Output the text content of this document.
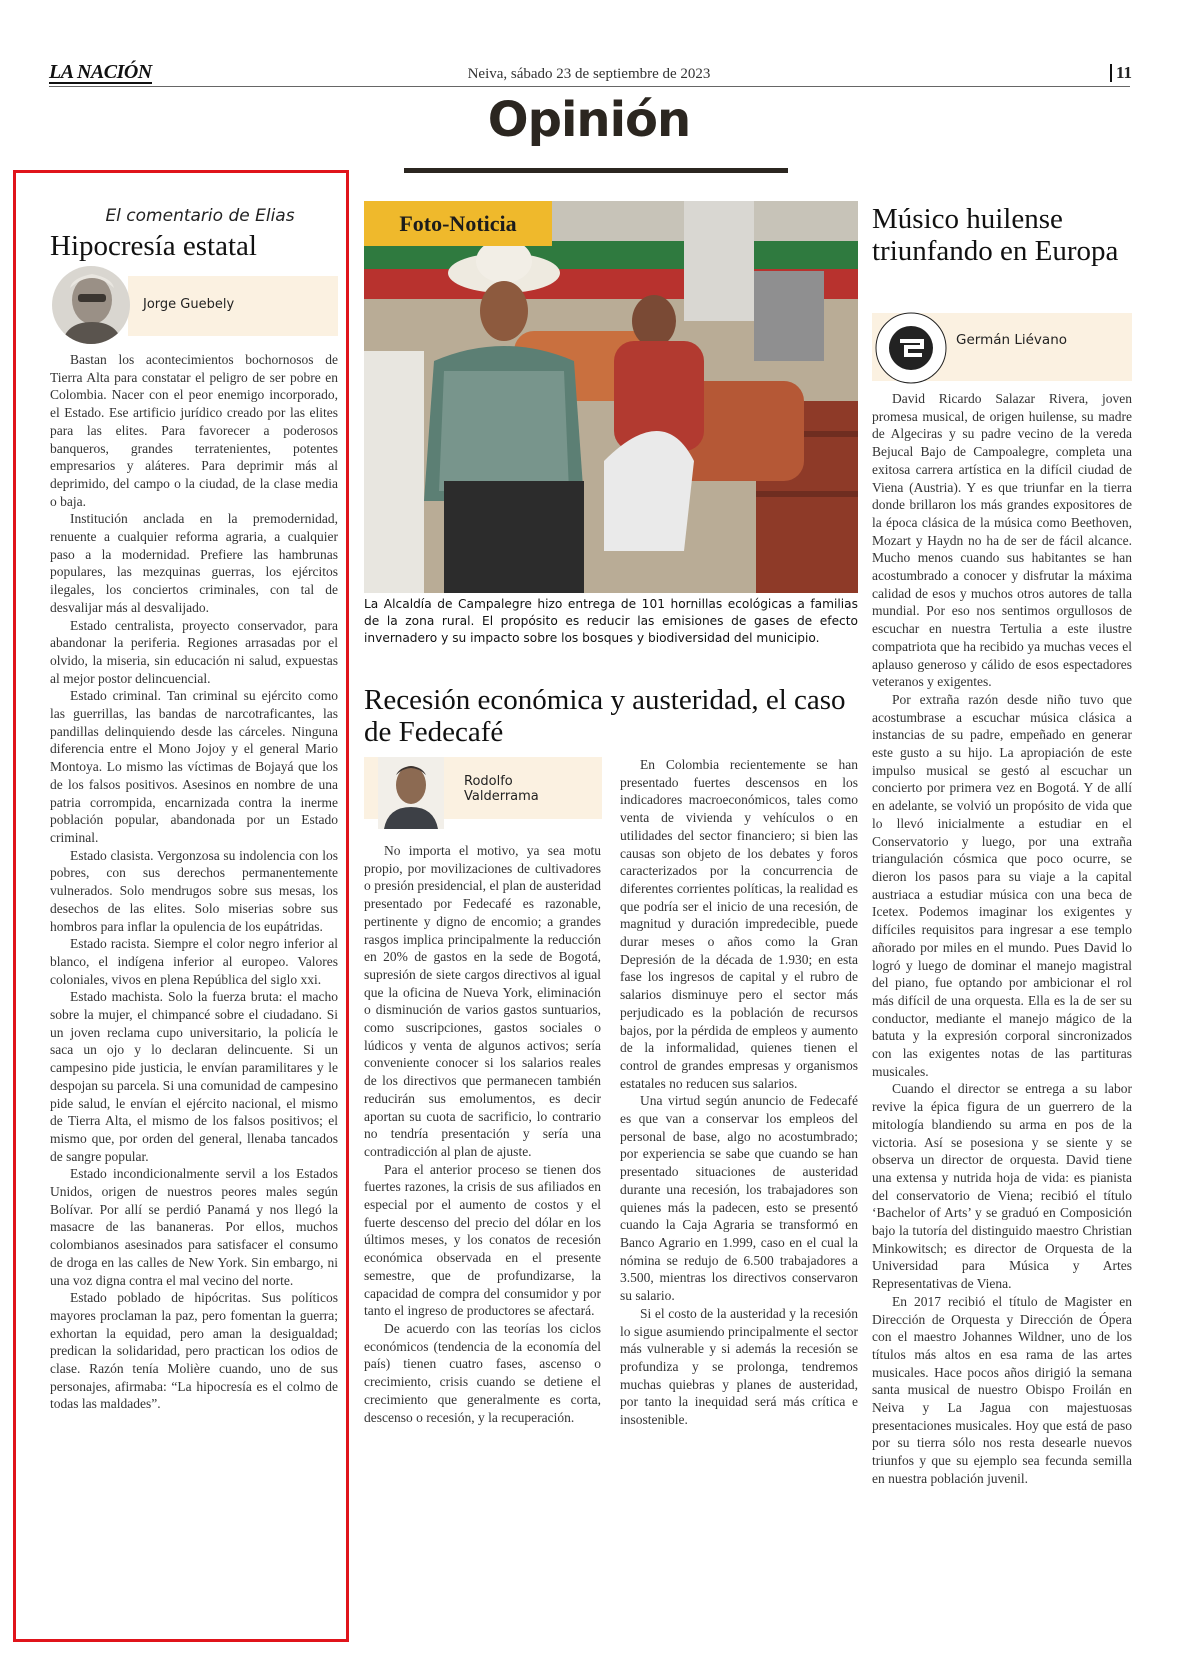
LA NACIÓN	Neiva, sábado 23 de septiembre de 2023	11
Opinión
El comentario de Elias
Hipocresía estatal
Jorge Guebely

Bastan los acontecimientos bochornosos de Tierra Alta para constatar el peligro de ser pobre en Colombia. Nacer con el peor enemigo incorporado, el Estado. Ese artificio jurídico creado por las elites para las elites. Para favorecer a poderosos banqueros, grandes terratenientes, potentes empresarios y aláteres. Para deprimir más al deprimido, del campo o la ciudad, de la clase media o baja.

Institución anclada en la premodernidad, renuente a cualquier reforma agraria, a cualquier paso a la modernidad. Prefiere las hambrunas populares, las mezquinas guerras, los ejércitos ilegales, los conciertos criminales, con tal de desvalijar más al desvalijado.

Estado centralista, proyecto conservador, para abandonar la periferia. Regiones arrasadas por el olvido, la miseria, sin educación ni salud, expuestas al mejor postor delincuencial.

Estado criminal. Tan criminal su ejército como las guerrillas, las bandas de narcotraficantes, las pandillas delinquiendo desde las cárceles. Ninguna diferencia entre el Mono Jojoy y el general Mario Montoya. Lo mismo las víctimas de Bojayá que los de los falsos positivos. Asesinos en nombre de una patria corrompida, encarnizada contra la inerme población popular, abandonada por un Estado criminal.

Estado clasista. Vergonzosa su indolencia con los pobres, con sus derechos permanentemente vulnerados. Solo mendrugos sobre sus mesas, los desechos de las elites. Solo miserias sobre sus hombros para inflar la opulencia de los eupátridas.

Estado racista. Siempre el color negro inferior al blanco, el indígena inferior al europeo. Valores coloniales, vivos en plena República del siglo xxi.

Estado machista. Solo la fuerza bruta: el macho sobre la mujer, el chimpancé sobre el ciudadano. Si un joven reclama cupo universitario, la policía le saca un ojo y lo declaran delincuente. Si un campesino pide justicia, le envían paramilitares y le despojan su parcela. Si una comunidad de campesino pide salud, le envían el ejército nacional, el mismo de Tierra Alta, el mismo de los falsos positivos; el mismo que, por orden del general, llenaba tancados de sangre popular.

Estado incondicionalmente servil a los Estados Unidos, origen de nuestros peores males según Bolívar. Por allí se perdió Panamá y nos llegó la masacre de las bananeras. Por ellos, muchos colombianos asesinados para satisfacer el consumo de droga en las calles de New York. Sin embargo, ni una voz digna contra el mal vecino del norte.

Estado poblado de hipócritas. Sus políticos mayores proclaman la paz, pero fomentan la guerra; exhortan la equidad, pero aman la desigualdad; predican la solidaridad, pero practican los odios de clase. Razón tenía Molière cuando, uno de sus personajes, afirmaba: “La hipocresía es el colmo de todas las maldades”.

Foto-Noticia
La Alcaldía de Campalegre hizo entrega de 101 hornillas ecológicas a familias de la zona rural. El propósito es reducir las emisiones de gases de efecto invernadero y su impacto sobre los bosques y biodiversidad del municipio.
Recesión económica y austeridad, el caso de Fedecafé
Rodolfo
Valderrama

No importa el motivo, ya sea motu propio, por movilizaciones de cultivadores o presión presidencial, el plan de austeridad presentado por Fedecafé es razonable, pertinente y digno de encomio; a grandes rasgos implica principalmente la reducción en 20% de gastos en la sede de Bogotá, supresión de siete cargos directivos al igual que la oficina de Nueva York, eliminación o disminución de varios gastos suntuarios, como suscripciones, gastos sociales o lúdicos y venta de algunos activos; sería conveniente conocer si los salarios reales de los directivos que permanecen también reducirán sus emolumentos, es decir aportan su cuota de sacrificio, lo contrario no tendría presentación y sería una contradicción al plan de ajuste.

Para el anterior proceso se tienen dos fuertes razones, la crisis de sus afiliados en especial por el aumento de costos y el fuerte descenso del precio del dólar en los últimos meses, y los conatos de recesión económica observada en el presente semestre, que de profundizarse, la capacidad de compra del consumidor y por tanto el ingreso de productores se afectará.

De acuerdo con las teorías los ciclos económicos (tendencia de la economía del país) tienen cuatro fases, ascenso o crecimiento, crisis cuando se detiene el crecimiento que generalmente es corta, descenso o recesión, y la recuperación.

En Colombia recientemente se han presentado fuertes descensos en los indicadores macroeconómicos, tales como venta de vivienda y vehículos o en utilidades del sector financiero; si bien las causas son objeto de los debates y foros caracterizados por la concurrencia de diferentes corrientes políticas, la realidad es que podría ser el inicio de una recesión, de magnitud y duración impredecible, puede durar meses o años como la Gran Depresión de la década de 1.930; en esta fase los ingresos de capital y el rubro de salarios disminuye pero el sector más perjudicado es la población de recursos bajos, por la pérdida de empleos y aumento de la informalidad, quienes tienen el control de grandes empresas y organismos estatales no reducen sus salarios.

Una virtud según anuncio de Fedecafé es que van a conservar los empleos del personal de base, algo no acostumbrado; por experiencia se sabe que cuando se han presentado situaciones de austeridad durante una recesión, los trabajadores son quienes más la padecen, esto se presentó cuando la Caja Agraria se transformó en Banco Agrario en 1.999, caso en el cual la nómina se redujo de 6.500 trabajadores a 3.500, mientras los directivos conservaron su salario.

Si el costo de la austeridad y la recesión lo sigue asumiendo principalmente el sector más vulnerable y si además la recesión se profundiza y se prolonga, tendremos muchas quiebras y planes de austeridad, por tanto la inequidad será más crítica e insostenible.

Músico huilense triunfando en Europa
Germán Liévano

David Ricardo Salazar Rivera, joven promesa musical, de origen huilense, su madre de Algeciras y su padre vecino de la vereda Bejucal Bajo de Campoalegre, completa una exitosa carrera artística en la difícil ciudad de Viena (Austria). Y es que triunfar en la tierra donde brillaron los más grandes expositores de la época clásica de la música como Beethoven, Mozart y Haydn no ha de ser de fácil alcance. Mucho menos cuando sus habitantes se han acostumbrado a conocer y disfrutar la máxima calidad de esos y muchos otros autores de talla mundial. Por eso nos sentimos orgullosos de escuchar en nuestra Tertulia a este ilustre compatriota que ha recibido ya muchas veces el aplauso generoso y cálido de esos espectadores veteranos y exigentes.

Por extraña razón desde niño tuvo que acostumbrase a escuchar música clásica a instancias de su padre, empeñado en generar este gusto a su hijo. La apropiación de este impulso musical se gestó al escuchar un concierto por primera vez en Bogotá. Y de allí en adelante, se volvió un propósito de vida que lo llevó inicialmente a estudiar en el Conservatorio y luego, por una extraña triangulación cósmica que poco ocurre, se dieron los pasos para su viaje a la capital austriaca a estudiar música con una beca de Icetex. Podemos imaginar los exigentes y difíciles requisitos para ingresar a ese templo añorado por miles en el mundo. Pues David lo logró y luego de dominar el manejo magistral del piano, fue optando por ambicionar el rol más difícil de una orquesta. Ella es la de ser su conductor, mediante el manejo mágico de la batuta y la expresión corporal sincronizados con las exigentes notas de las partituras musicales.

Cuando el director se entrega a su labor revive la épica figura de un guerrero de la mitología blandiendo su arma en pos de la victoria. Así se posesiona y se siente y se observa un director de orquesta. David tiene una extensa y nutrida hoja de vida: es pianista del conservatorio de Viena; recibió el título ‘Bachelor of Arts’ y se graduó en Composición bajo la tutoría del distinguido maestro Christian Minkowitsch; es director de Orquesta de la Universidad para Música y Artes Representativas de Viena.

En 2017 recibió el título de Magister en Dirección de Orquesta y Dirección de Ópera con el maestro Johannes Wildner, uno de los títulos más altos en esa rama de las artes musicales. Hace pocos años dirigió la semana santa musical de nuestro Obispo Froilán en Neiva y La Jagua con majestuosas presentaciones musicales. Hoy que está de paso por su tierra sólo nos resta desearle nuevos triunfos y que su ejemplo sea fecunda semilla en nuestra población juvenil.
